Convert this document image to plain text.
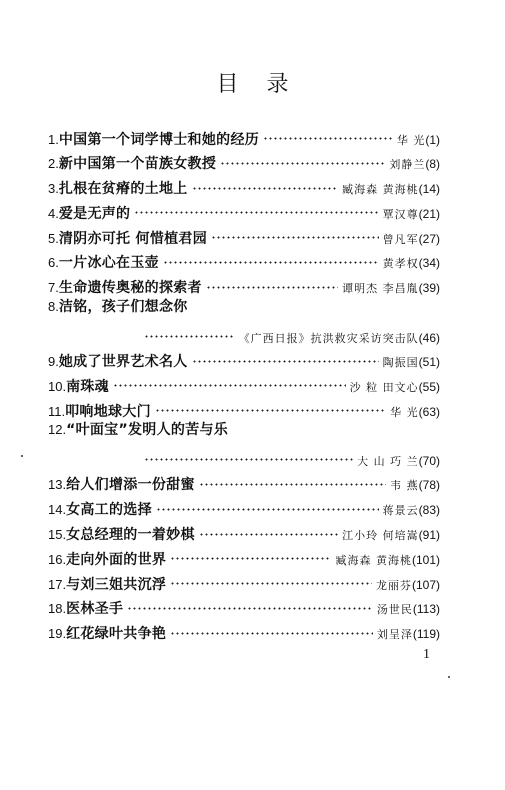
目录
1. 中国第一个词学博士和她的经历	华 光 (1)
2. 新中国第一个苗族女教授	刘静兰 (8)
3. 扎根在贫瘠的土地上	臧海森 黄海桃 (14)
4. 爱是无声的	覃汉尊 (21)
5. 清阴亦可托 何惜植君园	曾凡军 (27)
6. 一片冰心在玉壶	黄孝权 (34)
7. 生命遗传奥秘的探索者	谭明杰 李昌胤 (39)
8. 洁铭，孩子们想念你
《广西日报》抗洪救灾采访突击队 (46)
9. 她成了世界艺术名人	陶振国 (51)
10. 南珠魂	沙 粒 田文心 (55)
11. 叩响地球大门	华 光 (63)
12. “叶面宝”发明人的苦与乐
大 山 巧 兰 (70)
13. 给人们增添一份甜蜜	韦 燕 (78)
14. 女高工的选择	蒋景云 (83)
15. 女总经理的一着妙棋	江小玲 何培嵩 (91)
16. 走向外面的世界	臧海森 黄海桃 (101)
17. 与刘三姐共沉浮	龙丽芬 (107)
18. 医林圣手	汤世民 (113)
19. 红花绿叶共争艳	刘呈泽 (119)
1
